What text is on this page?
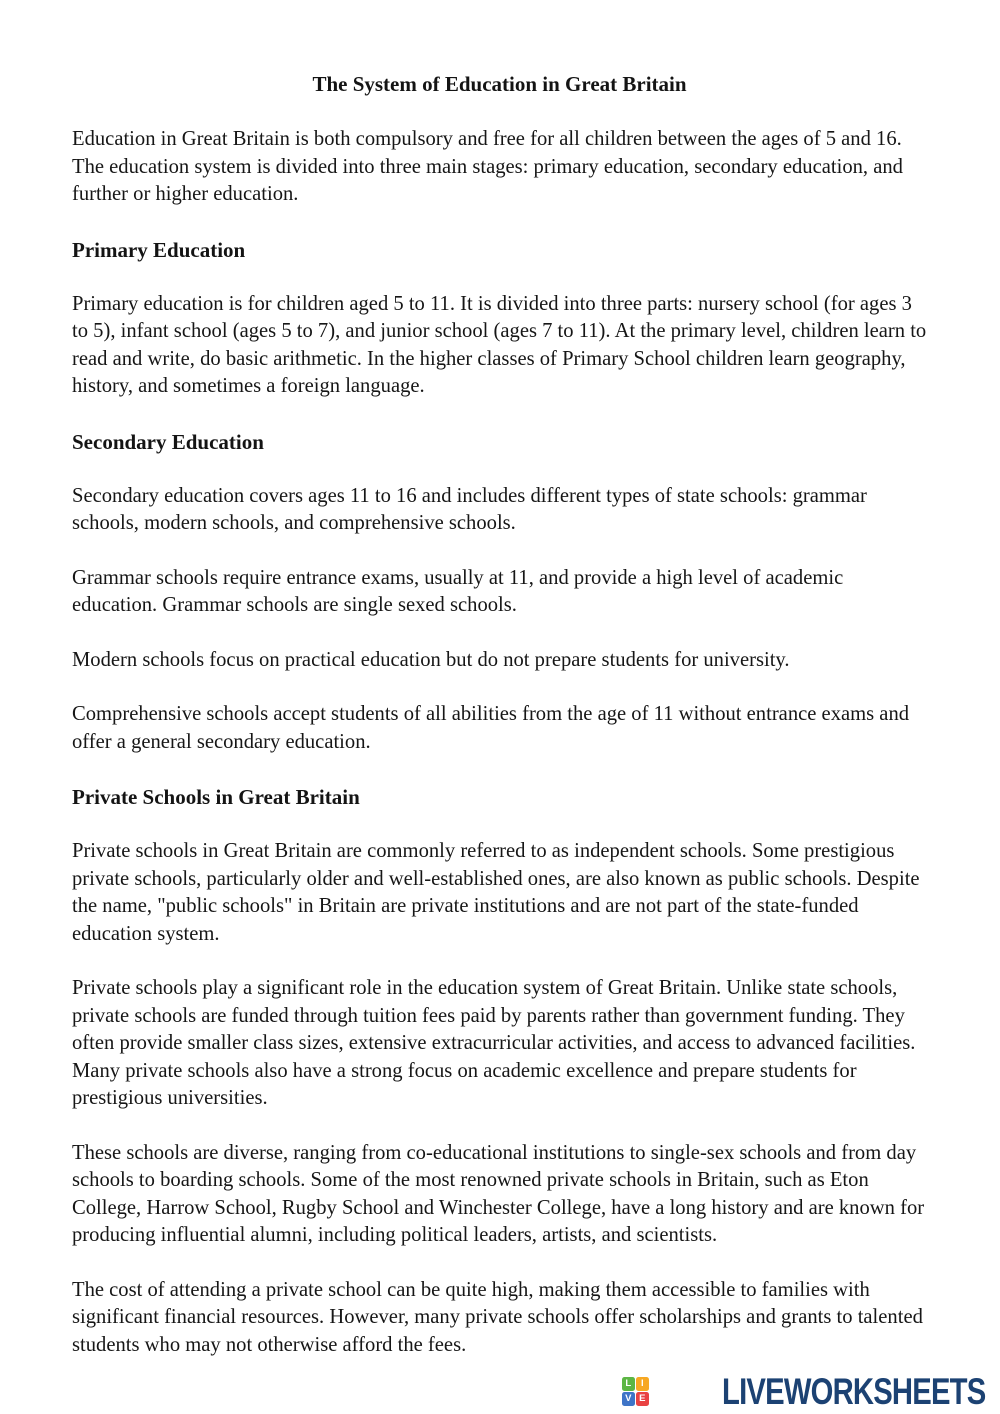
The System of Education in Great Britain

Education in Great Britain is both compulsory and free for all children between the ages of 5 and 16. The education system is divided into three main stages: primary education, secondary education, and further or higher education.

Primary Education

Primary education is for children aged 5 to 11. It is divided into three parts: nursery school (for ages 3 to 5), infant school (ages 5 to 7), and junior school (ages 7 to 11). At the primary level, children learn to read and write, do basic arithmetic. In the higher classes of Primary School children learn geography, history, and sometimes a foreign language.

Secondary Education

Secondary education covers ages 11 to 16 and includes different types of state schools: grammar schools, modern schools, and comprehensive schools.

Grammar schools require entrance exams, usually at 11, and provide a high level of academic education. Grammar schools are single sexed schools.

Modern schools focus on practical education but do not prepare students for university.

Comprehensive schools accept students of all abilities from the age of 11 without entrance exams and offer a general secondary education.

Private Schools in Great Britain

Private schools in Great Britain are commonly referred to as independent schools. Some prestigious private schools, particularly older and well-established ones, are also known as public schools. Despite the name, "public schools" in Britain are private institutions and are not part of the state-funded education system.

Private schools play a significant role in the education system of Great Britain. Unlike state schools, private schools are funded through tuition fees paid by parents rather than government funding. They often provide smaller class sizes, extensive extracurricular activities, and access to advanced facilities. Many private schools also have a strong focus on academic excellence and prepare students for prestigious universities.

These schools are diverse, ranging from co-educational institutions to single-sex schools and from day schools to boarding schools. Some of the most renowned private schools in Britain, such as Eton College, Harrow School, Rugby School and Winchester College, have a long history and are known for producing influential alumni, including political leaders, artists, and scientists.

The cost of attending a private school can be quite high, making them accessible to families with significant financial resources. However, many private schools offer scholarships and grants to talented students who may not otherwise afford the fees.

L	I
V E LIVEWORKSHEETS
